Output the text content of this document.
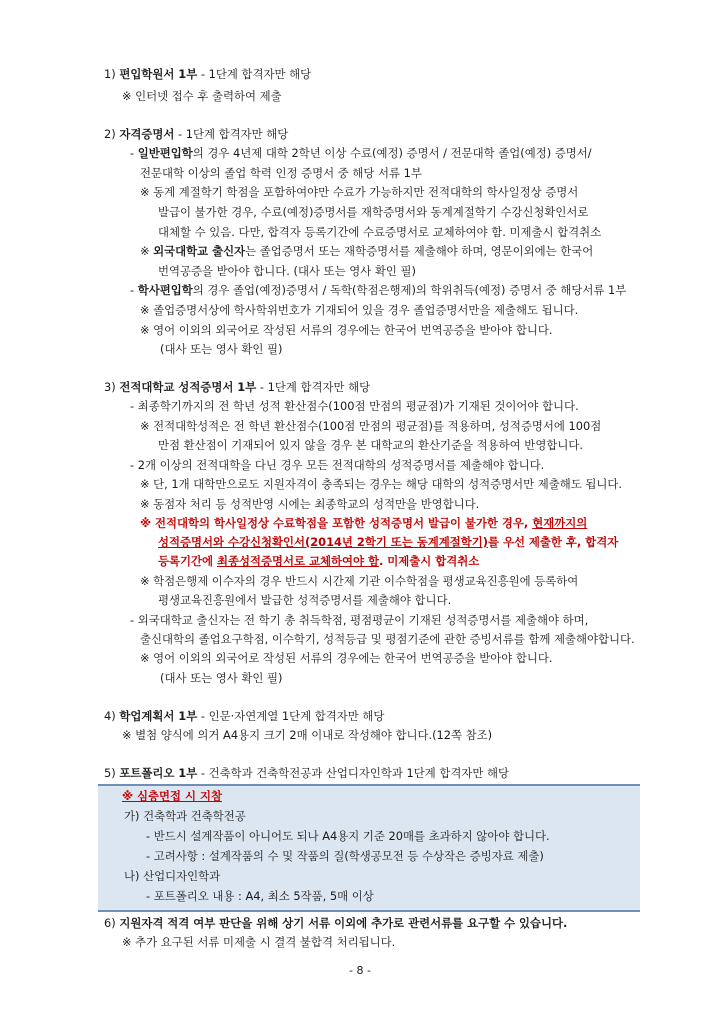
1) 편입학원서 1부 - 1단계 합격자만 해당
※ 인터넷 접수 후 출력하여 제출
2) 자격증명서 - 1단계 합격자만 해당
- 일반편입학의 경우 4년제 대학 2학년 이상 수료(예정) 증명서 / 전문대학 졸업(예정) 증명서/
전문대학 이상의 졸업 학력 인정 증명서 중 해당 서류 1부
※ 동계 계절학기 학점을 포함하여야만 수료가 가능하지만 전적대학의 학사일정상 증명서
발급이 불가한 경우, 수료(예정)증명서를 재학증명서와 동계계절학기 수강신청확인서로
대체할 수 있음. 다만, 합격자 등록기간에 수료증명서로 교체하여야 함. 미제출시 합격취소
※ 외국대학교 출신자는 졸업증명서 또는 재학증명서를 제출해야 하며, 영문이외에는 한국어
번역공증을 받아야 합니다. (대사 또는 영사 확인 필)
- 학사편입학의 경우 졸업(예정)증명서 / 독학(학점은행제)의 학위취득(예정) 증명서 중 해당서류 1부
※ 졸업증명서상에 학사학위번호가 기재되어 있을 경우 졸업증명서만을 제출해도 됩니다.
※ 영어 이외의 외국어로 작성된 서류의 경우에는 한국어 번역공증을 받아야 합니다.
(대사 또는 영사 확인 필)
3) 전적대학교 성적증명서 1부 - 1단계 합격자만 해당
- 최종학기까지의 전 학년 성적 환산점수(100점 만점의 평균점)가 기재된 것이어야 합니다.
※ 전적대학성적은 전 학년 환산점수(100점 만점의 평균점)를 적용하며, 성적증명서에 100점
만점 환산점이 기재되어 있지 않을 경우 본 대학교의 환산기준을 적용하여 반영합니다.
- 2개 이상의 전적대학을 다닌 경우 모든 전적대학의 성적증명서를 제출해야 합니다.
※ 단, 1개 대학만으로도 지원자격이 충족되는 경우는 해당 대학의 성적증명서만 제출해도 됩니다.
※ 동점자 처리 등 성적반영 시에는 최종학교의 성적만을 반영합니다.
※ 전적대학의 학사일정상 수료학점을 포함한 성적증명서 발급이 불가한 경우, 현재까지의
성적증명서와 수강신청확인서(2014년 2학기 또는 동계계절학기)를 우선 제출한 후, 합격자
등록기간에 최종성적증명서로 교체하여야 함. 미제출시 합격취소
※ 학점은행제 이수자의 경우 반드시 시간제 기관 이수학점을 평생교육진흥원에 등록하여
평생교육진흥원에서 발급한 성적증명서를 제출해야 합니다.
- 외국대학교 출신자는 전 학기 총 취득학점, 평점평균이 기재된 성적증명서를 제출해야 하며,
출신대학의 졸업요구학점, 이수학기, 성적등급 및 평점기준에 관한 증빙서류를 함께 제출해야합니다.
※ 영어 이외의 외국어로 작성된 서류의 경우에는 한국어 번역공증을 받아야 합니다.
(대사 또는 영사 확인 필)
4) 학업계획서 1부 - 인문·자연계열 1단계 합격자만 해당
※ 별첨 양식에 의거 A4용지 크기 2매 이내로 작성해야 합니다.(12쪽 참조)
5) 포트폴리오 1부 - 건축학과 건축학전공과 산업디자인학과 1단계 합격자만 해당
※ 심층면접 시 지참
가) 건축학과 건축학전공
- 반드시 설계작품이 아니어도 되나 A4용지 기준 20매를 초과하지 않아야 합니다.
- 고려사항 : 설계작품의 수 및 작품의 질(학생공모전 등 수상작은 증빙자료 제출)
나) 산업디자인학과
- 포트폴리오 내용 : A4, 최소 5작품, 5매 이상
6) 지원자격 적격 여부 판단을 위해 상기 서류 이외에 추가로 관련서류를 요구할 수 있습니다.
※ 추가 요구된 서류 미제출 시 결격 불합격 처리됩니다.
- 8 -
